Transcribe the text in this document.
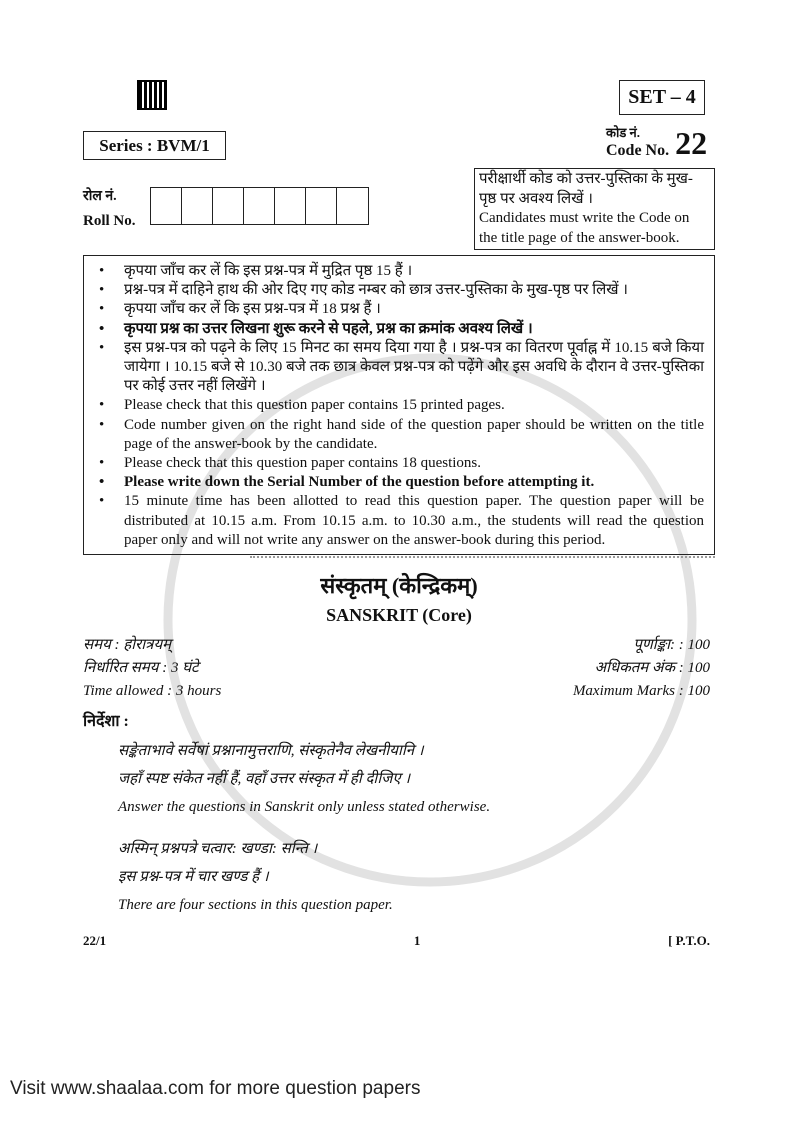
Series : BVM/1
रोल नं.
Roll No.
SET – 4
कोड नं.
Code No. 22
परीक्षार्थी कोड को उत्तर-पुस्तिका के मुख-पृष्ठ पर अवश्य लिखें ।
Candidates must write the Code on the title page of the answer-book.
• कृपया जाँच कर लें कि इस प्रश्न-पत्र में मुद्रित पृष्ठ 15 हैं ।
• प्रश्न-पत्र में दाहिने हाथ की ओर दिए गए कोड नम्बर को छात्र उत्तर-पुस्तिका के मुख-पृष्ठ पर लिखें ।
• कृपया जाँच कर लें कि इस प्रश्न-पत्र में 18 प्रश्न हैं ।
• कृपया प्रश्न का उत्तर लिखना शुरू करने से पहले, प्रश्न का क्रमांक अवश्य लिखें ।
• इस प्रश्न-पत्र को पढ़ने के लिए 15 मिनट का समय दिया गया है । प्रश्न-पत्र का वितरण पूर्वाह्न में 10.15 बजे किया जायेगा । 10.15 बजे से 10.30 बजे तक छात्र केवल प्रश्न-पत्र को पढ़ेंगे और इस अवधि के दौरान वे उत्तर-पुस्तिका पर कोई उत्तर नहीं लिखेंगे ।
• Please check that this question paper contains 15 printed pages.
• Code number given on the right hand side of the question paper should be written on the title page of the answer-book by the candidate.
• Please check that this question paper contains 18 questions.
• Please write down the Serial Number of the question before attempting it.
• 15 minute time has been allotted to read this question paper. The question paper will be distributed at 10.15 a.m. From 10.15 a.m. to 10.30 a.m., the students will read the question paper only and will not write any answer on the answer-book during this period.
संस्कृतम् (केन्द्रिकम्)
SANSKRIT (Core)
समय : होरात्रयम्
निर्धारित समय : 3 घंटे
Time allowed : 3 hours
पूर्णाङ्का: : 100
अधिकतम अंक : 100
Maximum Marks : 100
निर्देशा :
सङ्केताभावे सर्वेषां प्रश्नानामुत्तराणि, संस्कृतेनैव लेखनीयानि ।
जहाँ स्पष्ट संकेत नहीं हैं, वहाँ उत्तर संस्कृत में ही दीजिए ।
Answer the questions in Sanskrit only unless stated otherwise.
अस्मिन् प्रश्नपत्रे चत्वार: खण्डा: सन्ति ।
इस प्रश्न-पत्र में चार खण्ड हैं ।
There are four sections in this question paper.
22/1	1	[ P.T.O.
Visit www.shaalaa.com for more question papers
